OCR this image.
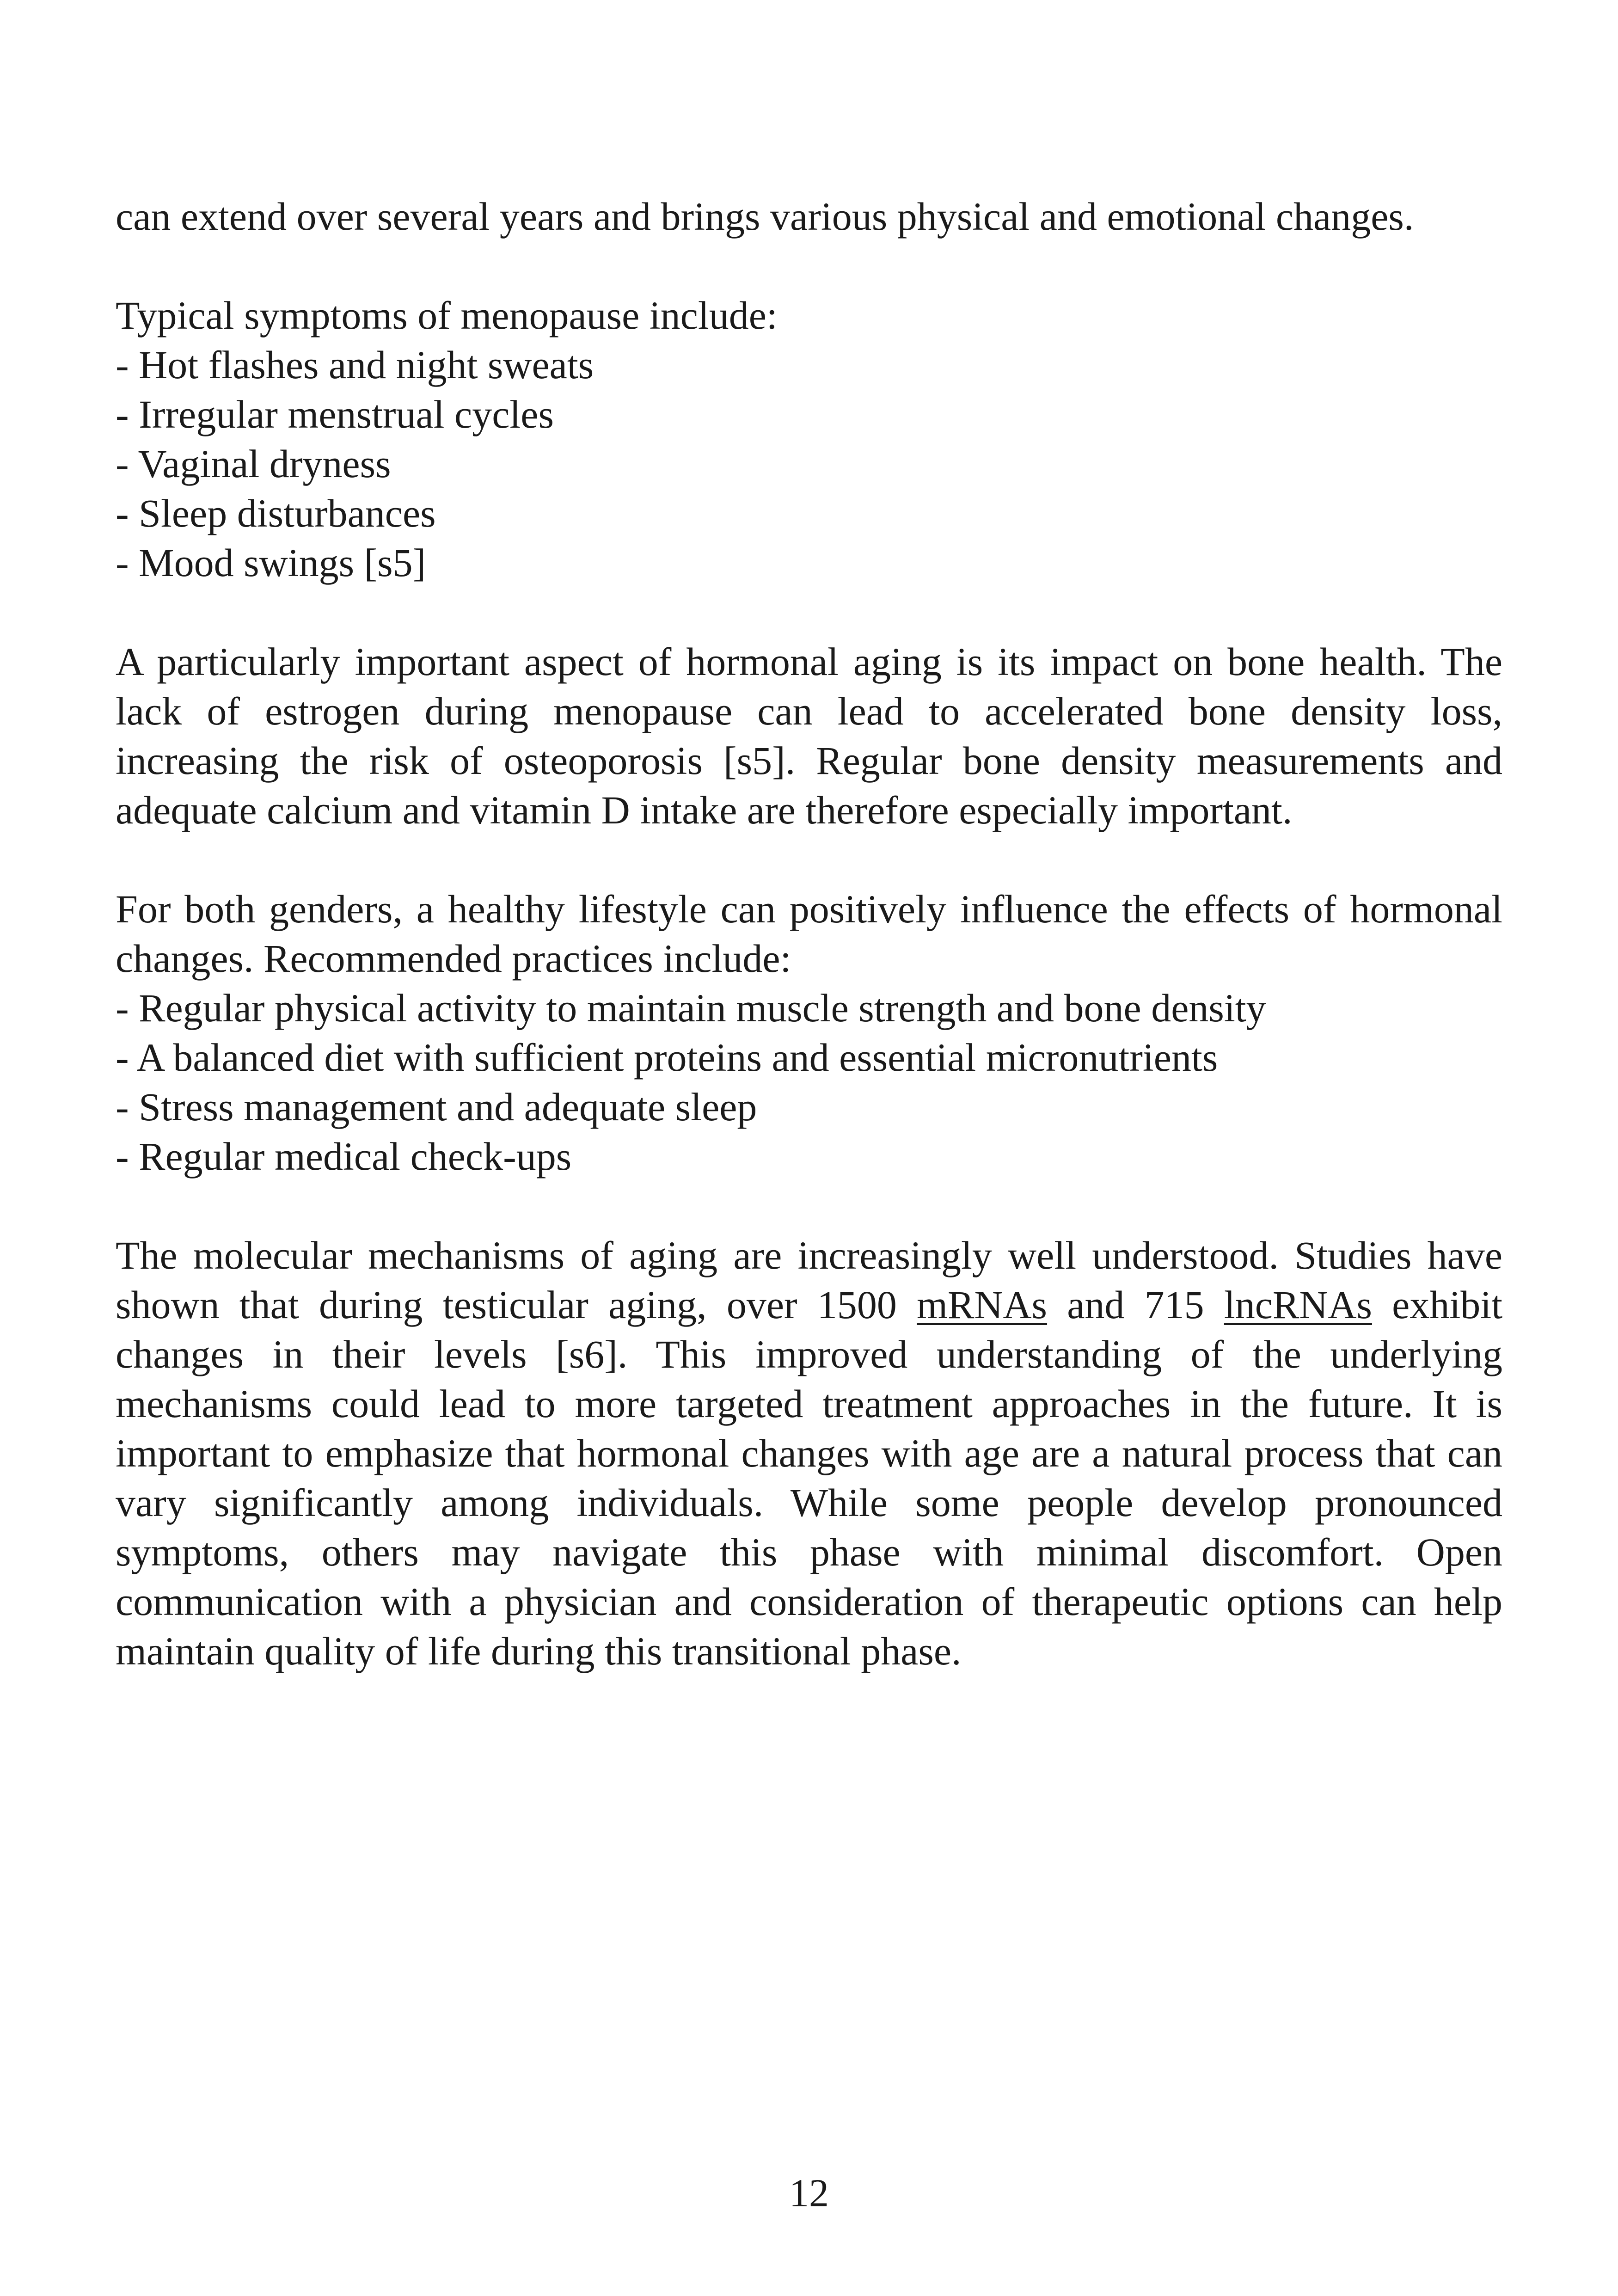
can extend over several years and brings various physical and emotional changes.

Typical symptoms of menopause include:
- Hot flashes and night sweats
- Irregular menstrual cycles
- Vaginal dryness
- Sleep disturbances
- Mood swings [s5]

A particularly important aspect of hormonal aging is its impact on bone health. The lack of estrogen during menopause can lead to accelerated bone density loss, increasing the risk of osteoporosis [s5]. Regular bone density measurements and adequate calcium and vitamin D intake are therefore especially important.

For both genders, a healthy lifestyle can positively influence the effects of hormonal changes. Recommended practices include:

- Regular physical activity to maintain muscle strength and bone density
- A balanced diet with sufficient proteins and essential micronutrients
- Stress management and adequate sleep
- Regular medical check-ups

The molecular mechanisms of aging are increasingly well understood. Studies have shown that during testicular aging, over 1500 mRNAs and 715 lncRNAs exhibit changes in their levels [s6]. This improved understanding of the underlying mechanisms could lead to more targeted treatment approaches in the future. It is important to emphasize that hormonal changes with age are a natural process that can vary significantly among individuals. While some people develop pronounced symptoms, others may navigate this phase with minimal discomfort. Open communication with a physician and consideration of therapeutic options can help maintain quality of life during this transitional phase.

12
